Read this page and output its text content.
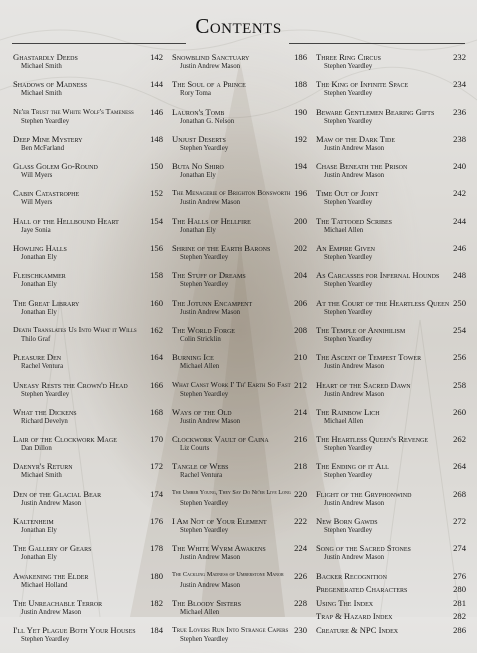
Contents
Ghastardly Deeds	142
Michael Smith
Shadows of Madness	144
Michael Smith
Ne'er Trust the White Wolf's Tameness 146
Stephen Yeardley
Deep Mine Mystery	148
Ben McFarland
Glass Golem Go-Round	150
Will Myers
Cabin Catastrophe	152
Will Myers
Hall of the Hellbound Heart	154
Jaye Sonia
Howling Halls	156
Jonathan Ely
Fleischkammer	158
Jonathan Ely
The Great Library	160
Jonathan Ely
Death Translates Us Into What it Wills 162
Thilo Graf
Pleasure Den	164
Rachel Ventura
Uneasy Rests the Crown'd Head	166
Stephen Yeardley
What the Dickens	168
Richard Develyn
Lair of the Clockwork Mage	170
Dan Dillon
Daenyr's Return	172
Michael Smith
Den of the Glacial Bear	174
Justin Andrew Mason
Kaltenheim	176
Jonathan Ely
The Gallery of Gears	178
Jonathan Ely
Awakening the Elder	180
Michael Holland
The Unreachable Terror	182
Justin Andrew Mason
I'll Yet Plague Both Your Houses 184
Stephen Yeardley
Snowblind Sanctuary	186
Justin Andrew Mason
The Soul of a Prince	188
Rory Toma
Lauron's Tomb	190
Jonathan G. Nelson
Unjust Deserts	192
Stephen Yeardley
Buta No Shiro	194
Jonathan Ely
The Menagerie of Brighton Bonsworth 196
Justin Andrew Mason
The Halls of Hellfire	200
Jonathan Ely
Shrine of the Earth Barons	202
Stephen Yeardley
The Stuff of Dreams	204
Stephen Yeardley
The Jotunn Encampent	206
Justin Andrew Mason
The World Forge	208
Colin Stricklin
Burning Ice	210
Michael Allen
What Canst Work I' Th' Earth So Fast 212
Stephen Yeardley
Ways of the Old	214
Justin Andrew Mason
Clockwork Vault of Caina	216
Liz Courts
Tangle of Webs	218
Rachel Ventura
The Umber Young, They Say Do Ne'er Live Long 220
Stephen Yeardley
I Am Not of Your Element	222
Stephen Yeardley
The White Wyrm Awakens	224
Justin Andrew Mason
The Cackling Madness of Umberstone Manor 226
Justin Andrew Mason
The Bloody Sisters	228
Michael Allen
True Lovers Run Into Strange Capers 230
Stephen Yeardley
Three Ring Circus	232
Stephen Yeardley
The King of Infinite Space	234
Stephen Yeardley
Beware Gentlemen Bearing Gifts 236
Stephen Yeardley
Maw of the Dark Tide	238
Justin Andrew Mason
Chase Beneath the Prison	240
Justin Andrew Mason
Time Out of Joint	242
Stephen Yeardley
The Tattooed Scribes	244
Michael Allen
An Empire Given	246
Stephen Yeardley
As Carcasses for Infernal Hounds 248
Stephen Yeardley
At the Court of the Heartless Queen 250
Stephen Yeardley
The Temple of Annihilism	254
Stephen Yeardley
The Ascent of Tempest Tower	256
Justin Andrew Mason
Heart of the Sacred Dawn	258
Justin Andrew Mason
The Rainbow Lich	260
Michael Allen
The Heartless Queen's Revenge	262
Stephen Yeardley
The Ending of it All	264
Stephen Yeardley
Flight of the Gryphonwind	268
Justin Andrew Mason
New Born Gawds	272
Stephen Yeardley
Song of the Sacred Stones	274
Justin Andrew Mason
Backer Recognition	276
Pregenerated Characters	280
Using The Index	281
Trap & Hazard Index	282
Creature & NPC Index	286
